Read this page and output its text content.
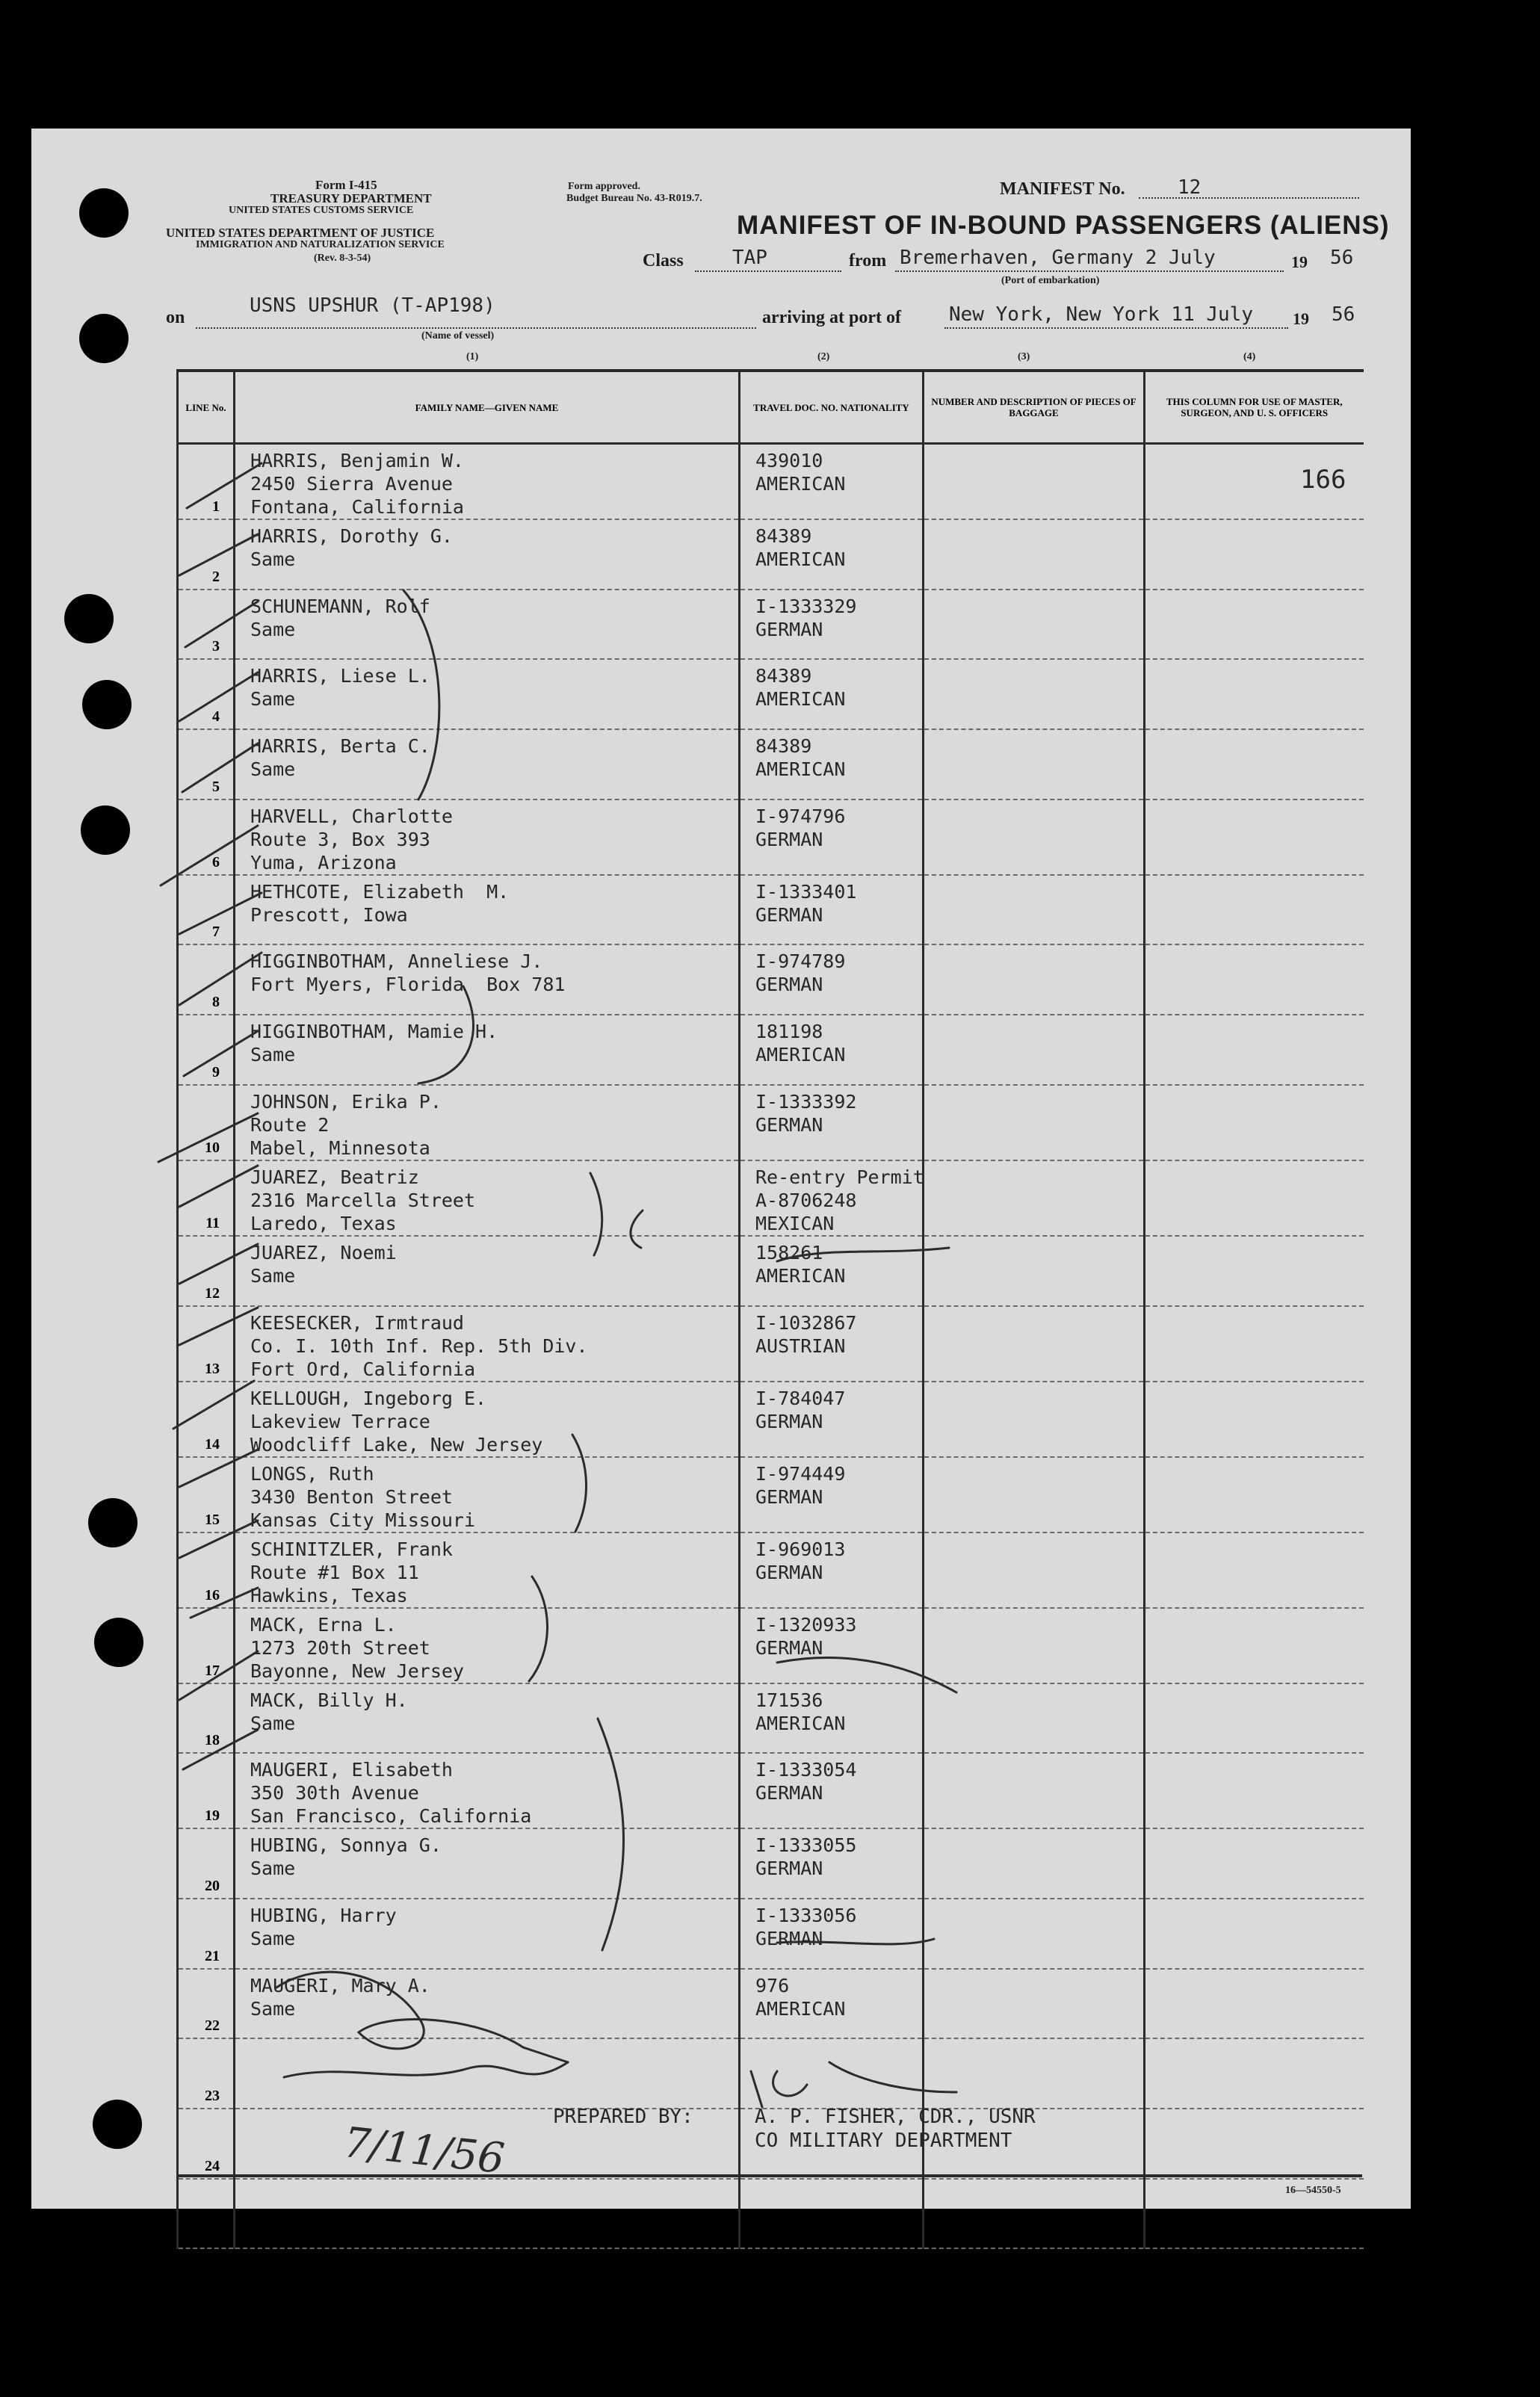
Form I-415
TREASURY DEPARTMENT
UNITED STATES CUSTOMS SERVICE
UNITED STATES DEPARTMENT OF JUSTICE
IMMIGRATION AND NATURALIZATION SERVICE
(Rev. 8-3-54)
Form approved.
Budget Bureau No. 43-R019.7.	MANIFEST No.	12
MANIFEST OF IN-BOUND PASSENGERS (ALIENS)
Class	TAP	from Bremerhaven, Germany 2 July	19 56
(Port of embarkation)
on
USNS UPSHUR (T-AP198)
(Name of vessel)
arriving at port of New York, New York 11 July 19 56
(1)	(2)	(3)	(4)
LINE No.	FAMILY NAME—GIVEN NAME	TRAVEL DOC. NO. NATIONALITY	NUMBER AND DESCRIPTION OF PIECES OF BAGGAGE	THIS COLUMN FOR USE OF MASTER, SURGEON, AND U. S. OFFICERS

1	HARRIS, Benjamin W.
2450 Sierra Avenue
Fontana, California	439010
AMERICAN		

2	HARRIS, Dorothy G.
Same	84389
AMERICAN		

3	SCHUNEMANN, Rolf
Same	I-1333329
GERMAN		

4	HARRIS, Liese L.
Same	84389
AMERICAN		

5	HARRIS, Berta C.
Same	84389
AMERICAN		

6	HARVELL, Charlotte
Route 3, Box 393
Yuma, Arizona	I-974796
GERMAN		

7	HETHCOTE, Elizabeth  M.
Prescott, Iowa	I-1333401
GERMAN		

8	HIGGINBOTHAM, Anneliese J.
Fort Myers, Florida  Box 781	I-974789
GERMAN		

9	HIGGINBOTHAM, Mamie H.
Same	181198
AMERICAN		

10	JOHNSON, Erika P.
Route 2
Mabel, Minnesota	I-1333392
GERMAN		

11	JUAREZ, Beatriz
2316 Marcella Street
Laredo, Texas	Re-entry Permit
A-8706248
MEXICAN		

12	JUAREZ, Noemi
Same	158261
AMERICAN		

13	KEESECKER, Irmtraud
Co. I. 10th Inf. Rep. 5th Div.
Fort Ord, California	I-1032867
AUSTRIAN		

14	KELLOUGH, Ingeborg E.
Lakeview Terrace
Woodcliff Lake, New Jersey	I-784047
GERMAN		

15	LONGS, Ruth
3430 Benton Street
Kansas City Missouri	I-974449
GERMAN		

16	SCHINITZLER, Frank
Route #1 Box 11
Hawkins, Texas	I-969013
GERMAN		

17	MACK, Erna L.
1273 20th Street
Bayonne, New Jersey	I-1320933
GERMAN		

18	MACK, Billy H.
Same	171536
AMERICAN		

19	MAUGERI, Elisabeth
350 30th Avenue
San Francisco, California	I-1333054
GERMAN		

20	HUBING, Sonnya G.
Same	I-1333055
GERMAN		

21	HUBING, Harry
Same	I-1333056
GERMAN		

22	MAUGERI, Mary A.
Same	976
AMERICAN		

23				

24				

25				

166
PREPARED BY:	A. P. FISHER, CDR., USNR
CO MILITARY DEPARTMENT
16—54550-5
7/11/56
